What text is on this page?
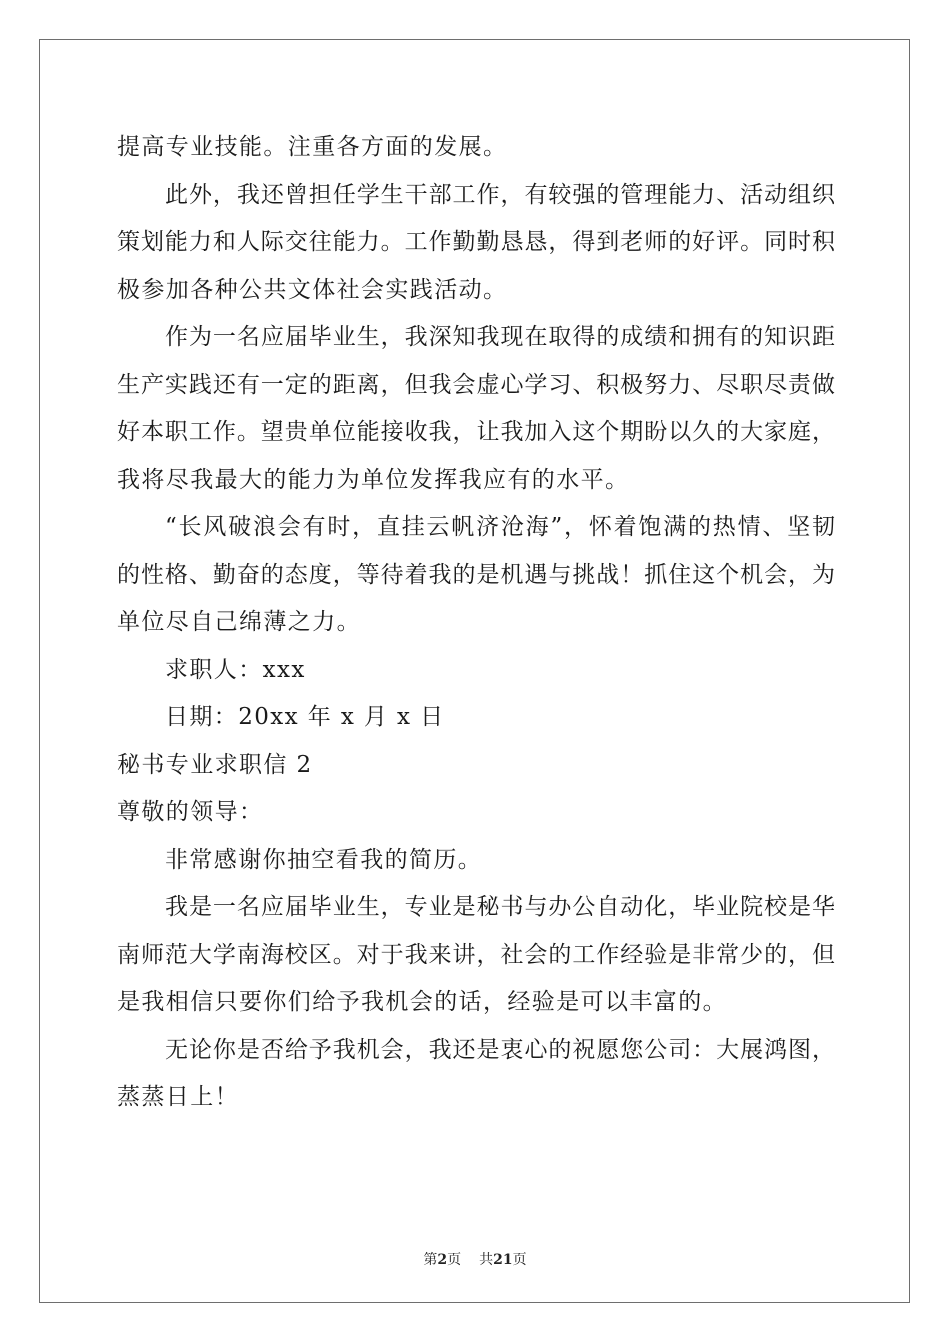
提高专业技能。注重各方面的发展。
此外，我还曾担任学生干部工作，有较强的管理能力、活动组织
策划能力和人际交往能力。工作勤勤恳恳，得到老师的好评。同时积
极参加各种公共文体社会实践活动。
作为一名应届毕业生，我深知我现在取得的成绩和拥有的知识距
生产实践还有一定的距离，但我会虚心学习、积极努力、尽职尽责做
好本职工作。望贵单位能接收我，让我加入这个期盼以久的大家庭，
我将尽我最大的能力为单位发挥我应有的水平。
“长风破浪会有时，直挂云帆济沧海”，怀着饱满的热情、坚韧
的性格、勤奋的态度，等待着我的是机遇与挑战！抓住这个机会，为
单位尽自己绵薄之力。
求职人：xxx
日期：20xx 年 x 月 x 日
秘书专业求职信 2
尊敬的领导：
非常感谢你抽空看我的简历。
我是一名应届毕业生，专业是秘书与办公自动化，毕业院校是华
南师范大学南海校区。对于我来讲，社会的工作经验是非常少的，但
是我相信只要你们给予我机会的话，经验是可以丰富的。
无论你是否给予我机会，我还是衷心的祝愿您公司：大展鸿图，
蒸蒸日上！
第2页 共21页
